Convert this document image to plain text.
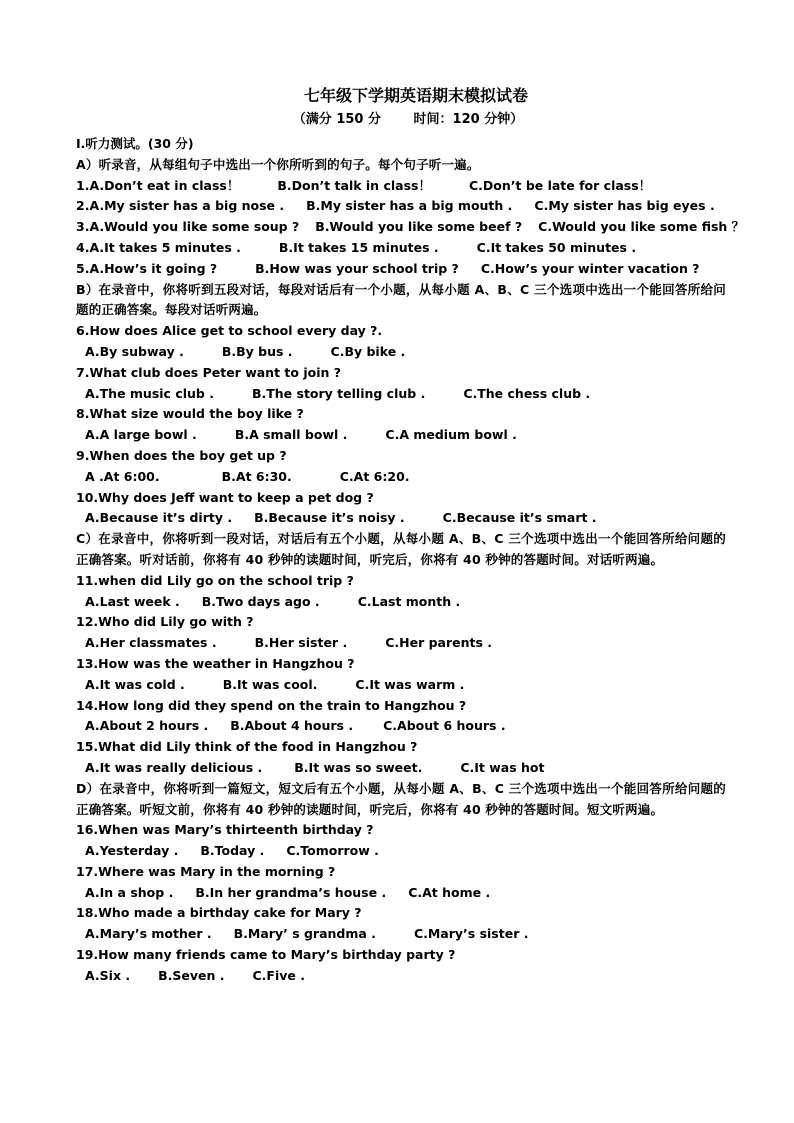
七年级下学期英语期末模拟试卷
（满分 150 分	时间：120 分钟）
I.听力测试。(30 分)
A）听录音，从每组句子中选出一个你所听到的句子。每个句子听一遍。
1.A.Don’t eat in class！	B.Don’t talk in class！	C.Don’t be late for class！
2.A.My sister has a big nose . B.My sister has a big mouth . C.My sister has big eyes .
3.A.Would you like some soup ? B.Would you like some beef ? C.Would you like some fish ？
4.A.It takes 5 minutes .	B.It takes 15 minutes .	C.It takes 50 minutes .
5.A.How’s it going ?	B.How was your school trip ? C.How’s your winter vacation ?
B）在录音中，你将听到五段对话，每段对话后有一个小题，从每小题 A、B、C 三个选项中选出一个能回答所给问题的正确答案。每段对话听两遍。
6.How does Alice get to school every day ?.
A.By subway .	B.By bus .	C.By bike .
7.What club does Peter want to join ?
A.The music club .	B.The story telling club .	C.The chess club .
8.What size would the boy like ?
A.A large bowl .	B.A small bowl .	C.A medium bowl .
9.When does the boy get up ?
A .At 6:00.	B.At 6:30.	C.At 6:20.
10.Why does Jeff want to keep a pet dog ?
A.Because it’s dirty . B.Because it’s noisy .	C.Because it’s smart .
C）在录音中，你将听到一段对话，对话后有五个小题，从每小题 A、B、C 三个选项中选出一个能回答所给问题的正确答案。听对话前，你将有 40 秒钟的读题时间，听完后，你将有 40 秒钟的答题时间。对话听两遍。
11.when did Lily go on the school trip ?
A.Last week . B.Two days ago .	C.Last month .
12.Who did Lily go with ?
A.Her classmates .	B.Her sister .	C.Her parents .
13.How was the weather in Hangzhou ?
A.It was cold .	B.It was cool.	C.It was warm .
14.How long did they spend on the train to Hangzhou ?
A.About 2 hours . B.About 4 hours . C.About 6 hours .
15.What did Lily think of the food in Hangzhou ?
A.It was really delicious .	B.It was so sweet.	C.It was hot
D）在录音中，你将听到一篇短文，短文后有五个小题，从每小题 A、B、C 三个选项中选出一个能回答所给问题的正确答案。听短文前，你将有 40 秒钟的读题时间，听完后，你将有 40 秒钟的答题时间。短文听两遍。
16.When was Mary’s thirteenth birthday ?
A.Yesterday . B.Today . C.Tomorrow .
17.Where was Mary in the morning ?
A.In a shop . B.In her grandma’s house . C.At home .
18.Who made a birthday cake for Mary ?
A.Mary’s mother . B.Mary’ s grandma .	C.Mary’s sister .
19.How many friends came to Mary’s birthday party ?
A.Six . B.Seven . C.Five .
